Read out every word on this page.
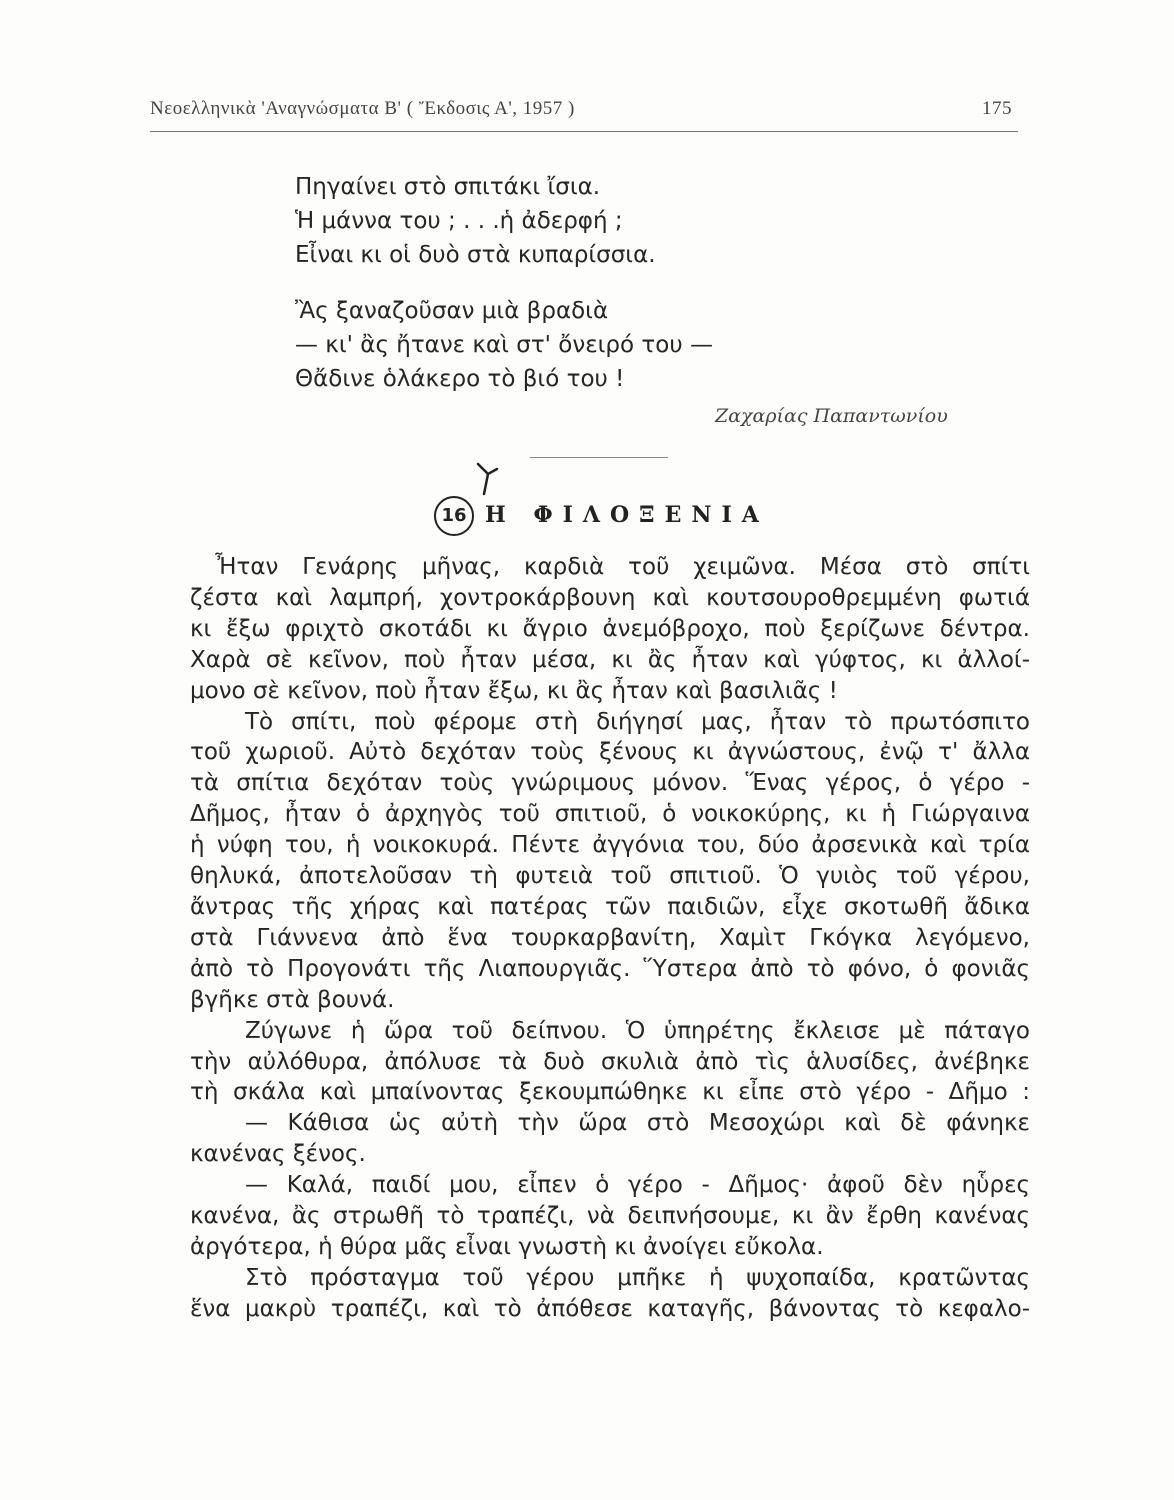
Νεοελληνικὰ 'Αναγνώσματα Β' ( Ἔκδοσις Α', 1957 )	175
Πηγαίνει στὸ σπιτάκι ἴσια.
Ἡ μάννα του ; . . .ἡ ἀδερφή ;
Εἶναι κι οἱ δυὸ στὰ κυπαρίσσια.
Ἂς ξαναζοῦσαν μιὰ βραδιὰ
— κι' ἂς ἤτανε καὶ στ' ὄνειρό του —
Θἄδινε ὁλάκερο τὸ βιό του !
Ζαχαρίας Παπαντωνίου
16 Η ΦΙΛΟΞΕΝΙΑ
Ἦταν Γενάρης μῆνας, καρδιὰ τοῦ χειμῶνα. Μέσα στὸ σπίτι
ζέστα καὶ λαμπρή, χοντροκάρβουνη καὶ κουτσουροθρεμμένη φωτιά
κι ἔξω φριχτὸ σκοτάδι κι ἄγριο ἀνεμόβροχο, ποὺ ξερίζωνε δέντρα.
Χαρὰ σὲ κεῖνον, ποὺ ἦταν μέσα, κι ἂς ἦταν καὶ γύφτος, κι ἀλλοί-
μονο σὲ κεῖνον, ποὺ ἦταν ἔξω, κι ἂς ἦταν καὶ βασιλιᾶς !
Τὸ σπίτι, ποὺ φέρομε στὴ διήγησί μας, ἦταν τὸ πρωτόσπιτο
τοῦ χωριοῦ. Αὐτὸ δεχόταν τοὺς ξένους κι ἀγνώστους, ἐνῷ τ' ἄλλα
τὰ σπίτια δεχόταν τοὺς γνώριμους μόνον. Ἕνας γέρος, ὁ γέρο -
Δῆμος, ἦταν ὁ ἀρχηγὸς τοῦ σπιτιοῦ, ὁ νοικοκύρης, κι ἡ Γιώργαινα
ἡ νύφη του, ἡ νοικοκυρά. Πέντε ἀγγόνια του, δύο ἀρσενικὰ καὶ τρία
θηλυκά, ἀποτελοῦσαν τὴ φυτειὰ τοῦ σπιτιοῦ. Ὁ γυιὸς τοῦ γέρου,
ἄντρας τῆς χήρας καὶ πατέρας τῶν παιδιῶν, εἶχε σκοτωθῆ ἄδικα
στὰ Γιάννενα ἀπὸ ἕνα τουρκαρβανίτη, Χαμὶτ Γκόγκα λεγόμενο,
ἀπὸ τὸ Προγονάτι τῆς Λιαπουργιᾶς. Ὕστερα ἀπὸ τὸ φόνο, ὁ φονιᾶς
βγῆκε στὰ βουνά.
Ζύγωνε ἡ ὥρα τοῦ δείπνου. Ὁ ὑπηρέτης ἔκλεισε μὲ πάταγο
τὴν αὐλόθυρα, ἀπόλυσε τὰ δυὸ σκυλιὰ ἀπὸ τὶς ἁλυσίδες, ἀνέβηκε
τὴ σκάλα καὶ μπαίνοντας ξεκουμπώθηκε κι εἶπε στὸ γέρο - Δῆμο :
— Κάθισα ὡς αὐτὴ τὴν ὥρα στὸ Μεσοχώρι καὶ δὲ φάνηκε
κανένας ξένος.
— Καλά, παιδί μου, εἶπεν ὁ γέρο - Δῆμος· ἀφοῦ δὲν ηὗρες
κανένα, ἂς στρωθῆ τὸ τραπέζι, νὰ δειπνήσουμε, κι ἂν ἔρθη κανένας
ἀργότερα, ἡ θύρα μᾶς εἶναι γνωστὴ κι ἀνοίγει εὔκολα.
Στὸ πρόσταγμα τοῦ γέρου μπῆκε ἡ ψυχοπαίδα, κρατῶντας
ἕνα μακρὺ τραπέζι, καὶ τὸ ἀπόθεσε καταγῆς, βάνοντας τὸ κεφαλο-
